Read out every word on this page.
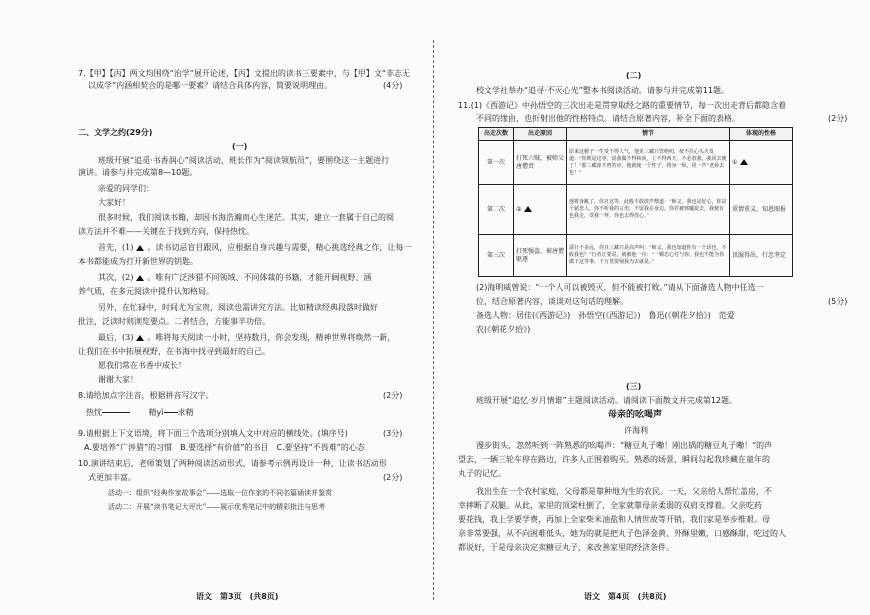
7.【甲】【丙】两文均围绕“治学”展开论述，【丙】文提出的读书三要素中，与【甲】文“非志无
以成学”内涵相契合的是哪一要素？请结合具体内容，简要说明理由。	(4分)
二、文学之约(29分)
(一)
班级开展“追觅·书香润心”阅读活动，班长作为“阅读领航员”，要围绕这一主题进行
演讲。请参与并完成第8—10题。
亲爱的同学们：
大家好！
很多时候，我们阅读书籍，却因书海浩瀚而心生迷茫。其实，建立一套属于自己的阅
读方法并不难——关键在于找到方向，保持热忱。
首先，(1) 。读书切忌盲目跟风，应根据自身兴趣与需要，精心挑选经典之作，让每一
本书都能成为打开新世界的钥匙。
其次，(2) 。唯有广泛涉猎不同领域、不同体裁的书籍，才能开阔视野、涵
养气质，在多元阅读中提升认知格局。
另外，在忙碌中，时间尤为宝贵，阅读也需讲究方法。比如精读经典段落时做好
批注，泛读时则浏览要点。二者结合，方能事半功倍。
最后，(3) 。唯将每天阅读一小时，坚持数月，你会发现，精神世界将焕然一新，
让我们在书中拓展视野，在书海中找寻到最好的自己。
愿我们常在书香中成长！
谢谢大家！
8.请给加点字注音，根据拼音写汉字。	(2分)
热忱	精yì 求精
9.请根据上下文语境，将下面三个选项分别填入文中对应的横线处。(填序号)	(3分)
A.要培养“广涉猎”的习惯　B.要选择“有价值”的书目　C.要坚持“不畏难”的心态
10.演讲结束后，老师策划了两种阅读活动形式，请参考示例再设计一种，让读书活动形
式更加丰富。	(2分)
活动一：组织“经典作家故事会”——选取一位作家的不同名篇诵读并鉴赏
活动二：开展“读书笔记大评比”——展示优秀笔记中的精彩批注与思考
语文　第3页　(共8页)
(二)
校文学社举办“追寻·不灭心光”整本书阅读活动。请参与并完成第11题。
11.(1)《西游记》中孙悟空的三次出走是贯穿取经之路的重要情节，每一次出走背后都隐含着
不同的缘由，也折射出他的性格特点。请结合原著内容，补全下面的表格。	(2分)
出走次数	出走原因	情节	体现的性格
第一次	打死六贼，被师父唐僧责	原来这猴子一生受不得人气，他见三藏只管绝叨，按不住心头火发道：“你既是这等，说我做不得和尚，上不得西天，不必惹我，我回去便了！”那三藏却不曾答应，他就使一个性子，将身一纵，说一声“老孙去也！”	①
第二次	②	他将身跳了，你且这等，此般不敢放声僧道：“师父，我也是好心，你是个慈悲人，你不听我的言语，不留我在身边，你若被邪魔捉去，我便有也我走，受我一拜，你也去得放心。”	重情重义，知恩图报
第三次	打死强盗，被唐僧驱逐	遥行不多远，你且三藏只是高声叫：“师父，我也知道你有一个话也，不收我也？”行者正要说，就被他一句：“一颗忠心付与你，我也不能为你做下这等事。千万莫要恼我为去就是。”	讯服得出，行忠坚定
(2)海明威曾说：“一个人可以被毁灭，但不能被打败。”请从下面备选人物中任选一
位，结合原著内容，谈谈对这句话的理解。	(5分)
备选人物：居佳(《西游记》)　孙悟空(《西游记》)　鲁迅(《朝花夕拾》)　范爱
农(《朝花夕拾》)
(三)
班级开展“追忆·岁月情谁”主题阅读活动。请阅读下面散文并完成第12题。
母亲的吆喝声
许海利
漫步街头，忽然听到一阵熟悉的吆喝声：“糖豆丸子嘞！刚出锅的糖豆丸子嘞！”的声
望去，一辆三轮车停在路边，许多人正围着购买。熟悉的场景，瞬间勾起我珍藏在童年的
丸子的记忆。
我出生在一个农村家庭，父母都是靠种地为生的农民。一天，父亲给人帮忙盖房，不
幸摔断了双腿。从此，家里的顶梁柱倒了，全家就靠母亲柔弱的双肩支撑着。父亲吃药
要花钱，我上学要学费，再加上全家柴米油盐和人情世故等开销，我们家是举步维艰。母
亲非常要强，从不向困难低头，她为的就是把丸子色泽金黄、外酥里嫩，口感酥甜，吃过的人
都说好，于是母亲决定卖糖豆丸子，来改善家里的经济条件。
语文　第4页　(共8页)
